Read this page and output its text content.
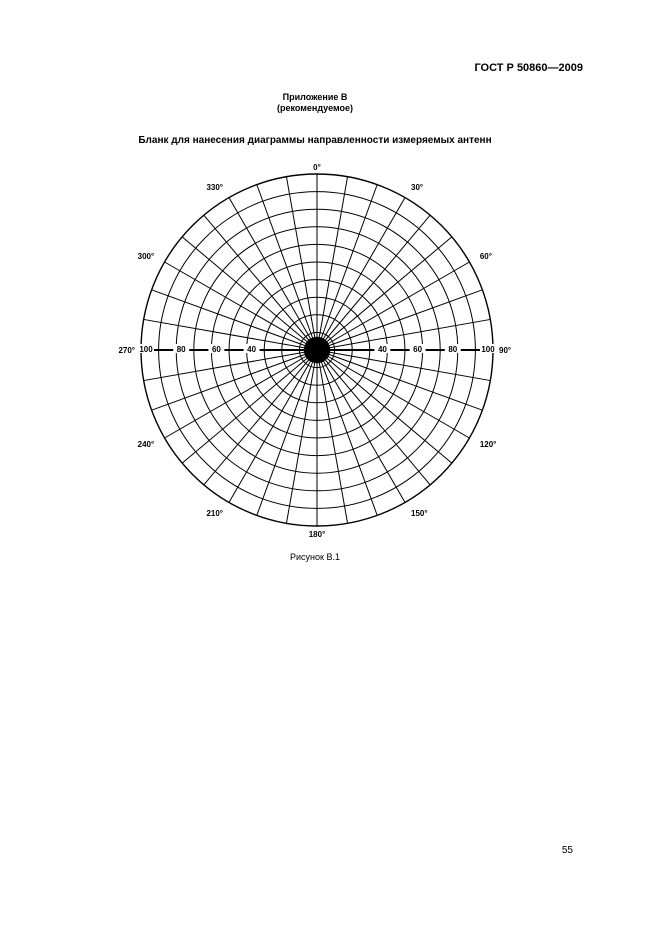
ГОСТ Р 50860—2009
Приложение В
(рекомендуемое)
Бланк для нанесения диаграммы направленности измеряемых антенн
0°
30°
60°
90°
120°
150°
180°
210°
240°
270°
300°
330°
40	60	80	100
100	80	60	40
Рисунок В.1
55
